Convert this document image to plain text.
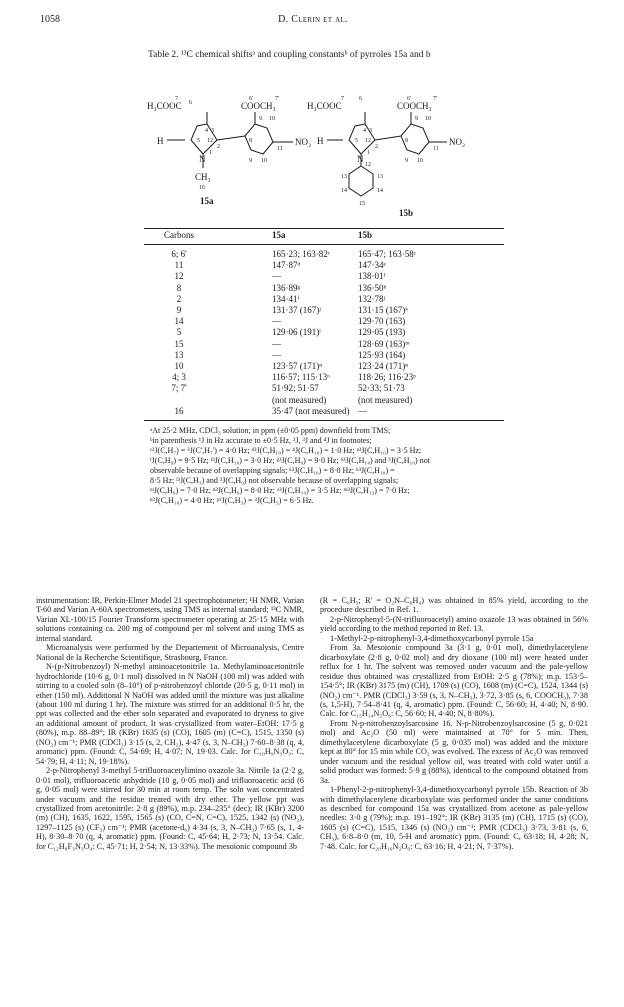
1058	D. Clerin et al.
Table 2. ¹³C chemical shiftsᵃ and coupling constantsᵇ of pyrroles 15a and b
H₃COOC	COOCH₃
H
N
NO₂
CH₃
7
6
6'	7'
9 10
4 3
5 12
2
1
8
11
9 10
16
15a
H₃COOC	COOCH₃
H
N
NO₂
7	6	6'	7'
9 10
4 3
5 12
2
1
8
11
9 10
12
13	13
14	14
15
15b
Carbons	15a	15b
6; 6'	165·23; 163·82ᶜ	165·47; 163·58ᶜ
11	147·87ᵈ	147·34ᵉ
12	—	138·01ᶠ
8	136·89ᵍ	136·50ʰ
2	134·41ⁱ	132·78ʲ
9	131·37 (167)ʲ	131·15 (167)ᵏ
14	—	129·70 (163)
5	129·06 (191)ˡ	129·05 (193)
15	—	128·69 (163)ᵐ
13	—	125·93 (164)
10	123·57 (171)ⁿ	123·24 (171)ⁿ
4; 3	116·57; 115·13ᵒ	118·26; 116·23ᵖ
7; 7'	51·92; 51·57	52·33; 51·73
(not measured)	(not measured)
16	35·47 (not measured) —
ᵃAt 25·2 MHz, CDCl₃ solution; in ppm (±0·05 ppm) downfield from TMS;
ᵇin parenthesis ¹J in Hz accurate to ±0·5 Hz, ²J, ³J and ⁴J in footnotes;
ᶜ³J(C,H₇) = ³J(C',H₇') = 4·0 Hz; ᵈ³J(C,H₁₀) = ⁴J(C,H₁₀) = 1·0 Hz; ᵉ³J(C,H₁₀) = 3·5 Hz;
ᶠJ(C,H₉) = 9·5 Hz; ᶠ³J(C,H₁₀) = 3·0 Hz; ᵍ³J(C,H₉) = 9·0 Hz; ʰ³J(C,H₁₄) and ³J(C,H₁₀) not
observable because of overlapping signals; ᵏ³J(C,H₁₀) = 8·0 Hz; ᵏ³J(C,H₁₀) =
8·5 Hz; ˡ³J(C,H₃) and ³J(C,H₉) not observable because of overlapping signals;
ᵐJ(C,H₉) = 7·0 Hz; ⁿ³J(C,H₉) = 8·0 Hz; ᵒ³J(C,H₁₀) = 3·5 Hz; ᵐ³J(C,H₁₃) = 7·0 Hz;
ⁿ³J(C,H₁₀) = 4·0 Hz; ᵖ²J(C,H₃) = ³J(C,H₅) = 6·5 Hz.

instrumentation: IR, Perkin-Elmer Model 21 spectrophotometer; ¹H NMR, Varian T-60 and Varian A-60A spectrometers, using TMS as internal standard; ¹³C NMR, Varian XL-100/15 Fourier Transform spectrometer operating at 25·15 MHz with solutions containing ca. 200 mg of compound per ml solvent and using TMS as internal standard.

Microanalysis were performed by the Departement of Microanalysis, Centre National de la Recherche Scientifique, Strasbourg, France.

N-(p-Nitrobenzoyl) N-methyl aminoacetonitrile 1a. Methylaminoacetonitrile hydrochloride (10·6 g, 0·1 mol) dissolved in N NaOH (100 ml) was added with stirring to a cooled soln (8–10°) of p-nitrobenzoyl chloride (20·5 g, 0·11 mol) in ether (150 ml). Additional N NaOH was added until the mixture was just alkaline (about 100 ml during 1 hr). The mixture was stirred for an additional 0·5 hr, the ppt was collected and the ether soln separated and evaporated to dryness to give an additional amount of product. It was crystallized from water–EtOH: 17·5 g (80%), m.p. 88–89°; IR (KBr) 1635 (s) (CO), 1605 (m) (C=C), 1515, 1350 (s) (NO₂) cm⁻¹; PMR (CDCl₃) 3·15 (s, 2, CH₂), 4·47 (s, 3, N–CH₃) 7·60–8·38 (q, 4, aromatic) ppm. (Found: C, 54·69; H, 4·07; N, 19·03. Calc. for C₁₀H₉N₃O₃: C, 54·79; H, 4·11; N, 19·18%).

2-p-Nitrophenyl 3-methyl 5-trifluoroacetylimino oxazole 3a. Nitrile 1a (2·2 g, 0·01 mol), trifluoroacetic anhydride (10 g, 0·05 mol) and trifluoroacetic acid (6 g, 0·05 mol) were stirred for 30 min at room temp. The soln was concentrated under vacuum and the residue treated with dry ether. The yellow ppt was crystallized from acetonitrile: 2·8 g (89%), m.p. 234–235° (dec); IR (KBr) 3200 (m) (CH), 1635, 1622, 1595, 1565 (s) (CO, C=N, C=C), 1525, 1342 (s) (NO₂), 1297–1125 (s) (CF₃) cm⁻¹; PMR (acetone-d₆) 4·34 (s, 3, N–CH₃) 7·65 (s, 1, 4-H), 8·30–8·70 (q, 4, aromatic) ppm. (Found: C, 45·64; H, 2·73; N, 13·54. Calc. for C₁₂H₈F₃N₃O₄: C, 45·71; H, 2·54; N, 13·33%). The mesoionic compound 3b

(R = C₆H₅; R' = O₂N–C₆H₄) was obtained in 85% yield, according to the procedure described in Ref. 1.

2-p-Nitrophenyl-5-(N-trifluoroacetyl) amino oxazole 13 was obtained in 56% yield according to the method reported in Ref. 13.

1-Methyl-2-p-nitrophenyl-3,4-dimethoxycarbonyl pyrrole 15a

From 3a. Mesoionic compound 3a (3·1 g, 0·01 mol), dimethylacetylene dicarboxylate (2·8 g, 0·02 mol) and dry dioxane (100 ml) were heated under reflux for 1 hr. The solvent was removed under vacuum and the pale-yellow residue thus obtained was crystallized from EtOH: 2·5 g (78%); m.p. 153·5–154·5°; IR (KBr) 3175 (m) (CH), 1709 (s) (CO), 1608 (m) (C=C), 1524, 1344 (s) (NO₂) cm⁻¹. PMR (CDCl₃) 3·59 (s, 3, N–CH₃), 3·72, 3·85 (s, 6, COOCH₃), 7·38 (s, 1,5-H), 7·54–8·41 (q, 4, aromatic) ppm. (Found: C, 56·60; H, 4·40; N, 8·90. Calc. for C₁₅H₁₄N₂O₆: C, 56·60; H, 4·40; N, 8·80%).

From N-p-nitrobenzoylsarcosine 16. N-p-Nitrobenzoylsarcosine (5 g, 0·021 mol) and Ac₂O (50 ml) were maintained at 70° for 5 min. Then, dimethylacetylene dicarboxylate (5 g, 0·035 mol) was added and the mixture kept at 80° for 15 min while CO₂ was evolved. The excess of Ac₂O was removed under vacuum and the residual yellow oil, was treated with cold water until a solid product was formed: 5·9 g (88%), identical to the compound obtained from 3a.

1-Phenyl-2-p-nitrophenyl-3,4-dimethoxycarbonyl pyrrole 15b. Reaction of 3b with dimethylacetylene dicarboxylate was performed under the same conditions as described for compound 15a was crystallized from acetone as pale-yellow needles: 3·0 g (79%); m.p. 191–192°; IR (KBr) 3135 (m) (CH), 1715 (s) (CO), 1605 (s) (C=C), 1515, 1346 (s) (NO₂) cm⁻¹; PMR (CDCl₃) 3·73, 3·81 (s, 6, CH₃), 6·8–8·0 (m, 10, 5-H and aromatic) ppm. (Found: C, 63·18; H, 4·28; N, 7·48. Calc. for C₂₀H₁₆N₂O₆: C, 63·16; H, 4·21; N, 7·37%).
